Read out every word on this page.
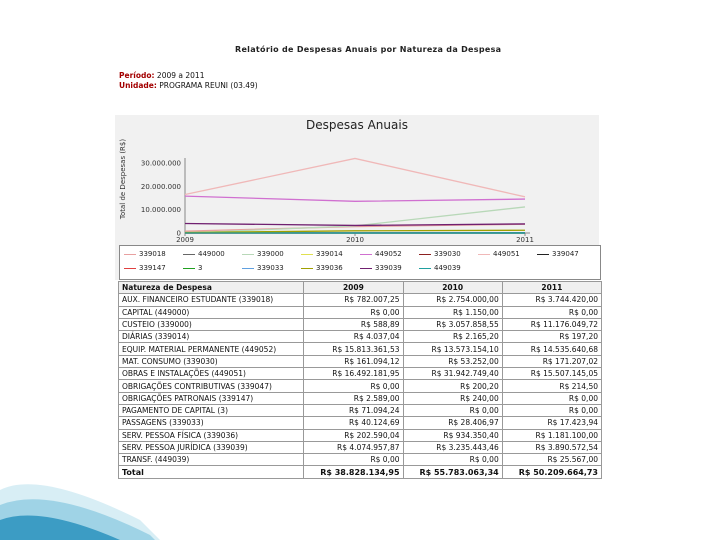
Relatório de Despesas Anuais por Natureza da Despesa
Período: 2009 a 2011
Unidade: PROGRAMA REUNI (03.49)
Despesas Anuais
Total de Despesas (R$) 30.000.000
20.000.000
10.000.000
0
2009	2010	2011
339018	449000	339000	339014	449052	339030	449051	339047
339147	3	339033	339036	339039	449039
Natureza de Despesa	2009	2010	2011
AUX. FINANCEIRO ESTUDANTE (339018)	R$ 782.007,25	R$ 2.754.000,00	R$ 3.744.420,00
CAPITAL (449000)	R$ 0,00	R$ 1.150,00	R$ 0,00
CUSTEIO (339000)	R$ 588,89	R$ 3.057.858,55	R$ 11.176.049,72
DIÁRIAS (339014)	R$ 4.037,04	R$ 2.165,20	R$ 197,20
EQUIP. MATERIAL PERMANENTE (449052)	R$ 15.813.361,53	R$ 13.573.154,10	R$ 14.535.640,68
MAT. CONSUMO (339030)	R$ 161.094,12	R$ 53.252,00	R$ 171.207,02
OBRAS E INSTALAÇÕES (449051)	R$ 16.492.181,95	R$ 31.942.749,40	R$ 15.507.145,05
OBRIGAÇÕES CONTRIBUTIVAS (339047)	R$ 0,00	R$ 200,20	R$ 214,50
OBRIGAÇÕES PATRONAIS (339147)	R$ 2.589,00	R$ 240,00	R$ 0,00
PAGAMENTO DE CAPITAL (3)	R$ 71.094,24	R$ 0,00	R$ 0,00
PASSAGENS (339033)	R$ 40.124,69	R$ 28.406,97	R$ 17.423,94
SERV. PESSOA FÍSICA (339036)	R$ 202.590,04	R$ 934.350,40	R$ 1.181.100,00
SERV. PESSOA JURÍDICA (339039)	R$ 4.074.957,87	R$ 3.235.443,46	R$ 3.890.572,54
TRANSF. (449039)	R$ 0,00	R$ 0,00	R$ 25.567,00
Total	R$ 38.828.134,95	R$ 55.783.063,34	R$ 50.209.664,73
